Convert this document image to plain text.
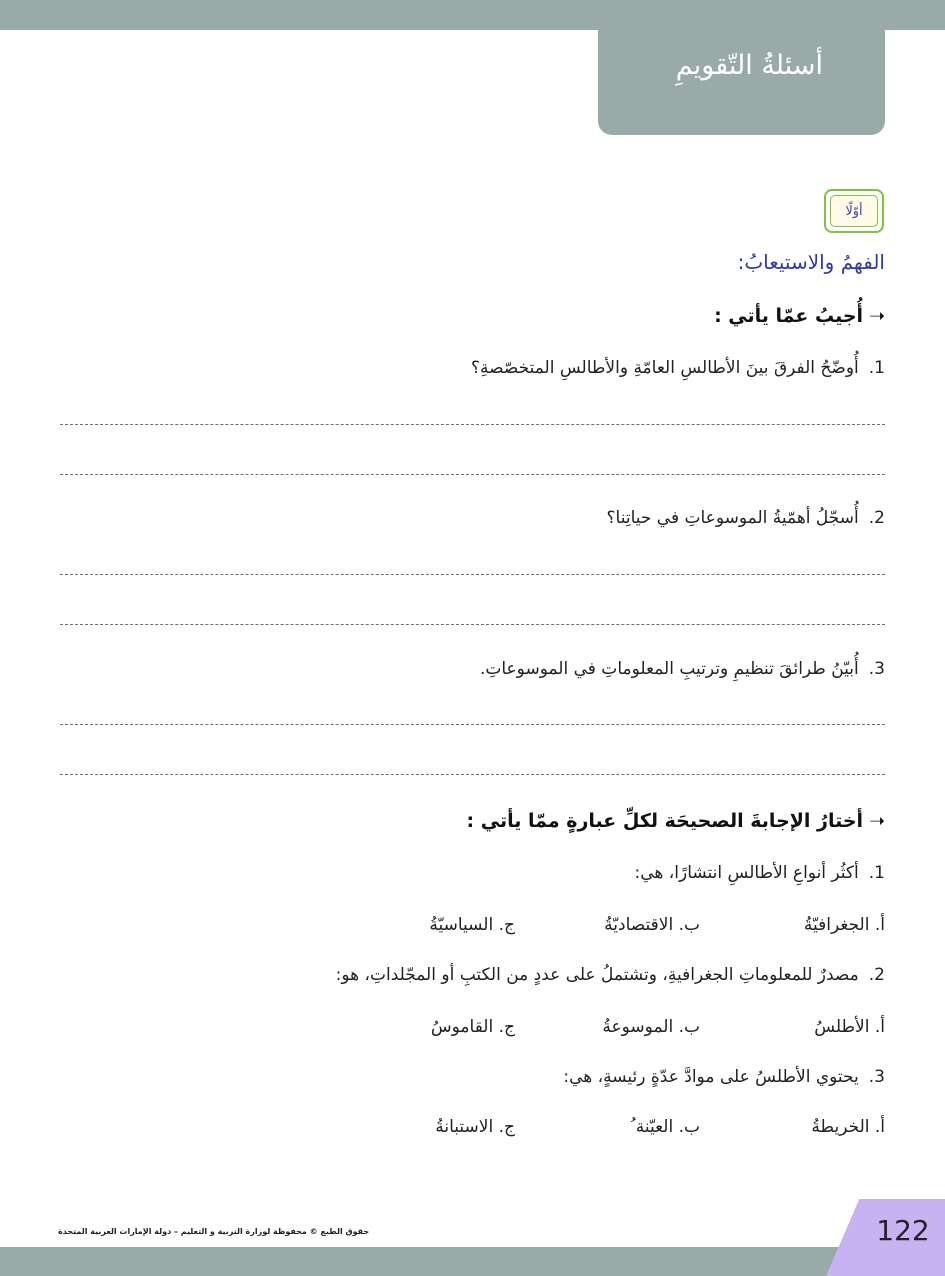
أسئلةُ التّقويمِ
أوّلًا
الفهمُ والاستيعابُ:
➝أُجيبُ عمّا يأتي :
1.أُوضّحُ الفرقَ بينَ الأطالسِ العامّةِ والأطالسِ المتخصّصةِ؟
2.أُسجّلُ أهمّيةُ الموسوعاتِ في حياتِنا؟
3.أُبيّنُ طرائقَ تنظيمِ وترتيبِ المعلوماتِ في الموسوعاتِ.
➝أختارُ الإجابةَ الصحيحَة لكلِّ عبارةٍ ممّا يأتي :
1.أكثُر أنواعِ الأطالسِ انتشارًا، هي:
أ. الجغرافيّةُ
ب. الاقتصاديّةُ
ج. السياسيّةُ
2.مصدرٌ للمعلوماتِ الجغرافيةِ، وتشتملُ على عددٍ من الكتبِ أو المجّلداتِ، هو:
أ. الأطلسُ
ب. الموسوعةُ
ج. القاموسُ
3.يحتوي الأطلسُ على موادَّ عدّةٍ رئيسةٍ، هي:
أ. الخريطةُ
ب. العيّنة ُ
ج. الاستبانةُ
حقوق الطبع © محفوظة لوزارة التربية و التعليم – دولة الإمارات العربية المتحدة	122
